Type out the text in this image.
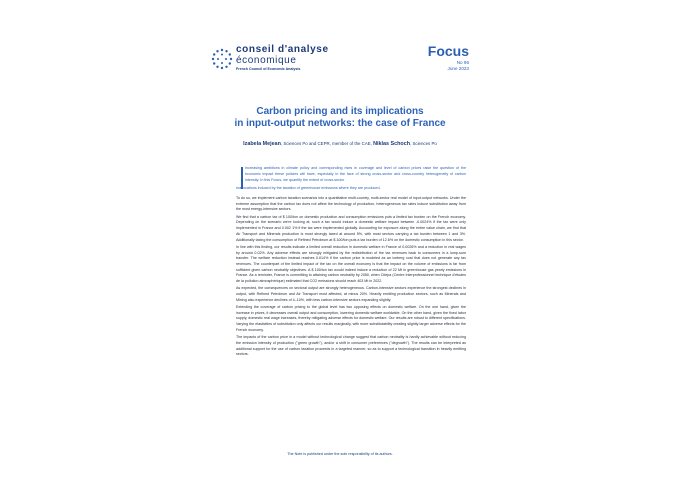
conseil d'analyse
économique
French Council of Economic Analysis
Focus
No 96
June 2023
Carbon pricing and its implications
in input-output networks: the case of France
Izabela Mejean, Sciences Po and CEPR, member of the CAE, Niklas Schoch, Sciences Po
Increasing ambitions in climate policy and corresponding rises in coverage and level of carbon prices raise the question of the economic impact these policies will have, especially in the face of strong cross-sector and cross-country heterogeneity of carbon intensity. In this Focus, we quantify the extent of cross-sector
reallocations induced by the taxation of greenhouse emissions where they are produced.

To do so, we implement carbon taxation scenarios into a quantitative multi-country, multi-sector real model of input-output networks. Under the extreme assumption that the carbon tax does not affect the technology of production, heterogeneous tax rates induce substitution away from the most energy-intensive sectors.

We find that a carbon tax of $ 100/ton on domestic production and consumption emissions puts a limited tax burden on the French economy. Depending on the scenario we're looking at, such a tax would induce a domestic welfare impact between -0.0024% if the tax were only implemented in France and 0.002 1% if the tax were implemented globally. Accounting for exposure along the entire value chain, we find that Air Transport and Minerals production is most strongly taxed at around 5%, with most sectors carrying a tax burden between 1 and 3%. Additionally taxing the consumption of Refined Petroleum at $ 100/ton puts a tax burden of 12.6% on the domestic consumption in this sector.

In line with this finding, our results indicate a limited overall reduction in domestic welfare in France of 0.0026% and a reduction in real wages by around 0.02%. Any adverse effects are strongly mitigated by the redistribution of the tax revenues back to consumers in a lump-sum transfer. The welfare reduction instead reaches 0.014% if the carbon price is modeled as an iceberg cost that does not generate any tax revenues. The counterpart of the limited impact of the tax on the overall economy is that the impact on the volume of emissions is far from sufficient given carbon neutrality objectives. A $ 100/ton tax would indeed induce a reduction of 22 Mt in greenhouse gas yearly emissions in France. As a reminder, France is committing to attaining carbon neutrality by 2050, when Citepa (Centre interprofessionnel technique d'études de la pollution atmosphérique) estimated that CO2 emissions should reach 403 Mt in 2022.

As expected, the consequences on sectoral output are strongly heterogeneous. Carbon-intensive sectors experience the strongest declines in output, with Refined Petroleum and Air Transport most affected, at minus 20%. Heavily emitting production sectors, such as Minerals and Mining also experience declines of 4–10%, with less carbon-intensive sectors expanding slightly.

Extending the coverage of carbon pricing to the global level has two opposing effects on domestic welfare. On the one hand, given the increase in prices, it decreases overall output and consumption, lowering domestic welfare worldwide. On the other hand, given the fixed labor supply, domestic real wage increases, thereby mitigating adverse effects for domestic welfare. Our results are robust to different specifications. Varying the elasticities of substitution only affects our results marginally, with more substitutability creating slightly larger adverse effects for the French economy.

The impacts of the carbon price in a model without technological change suggest that carbon neutrality is hardly achievable without reducing the emission intensity of production ("green growth"), and/or a shift in consumer preferences ("degrowth"). The results can be interpreted as additional support for the use of carbon taxation proceeds in a targeted manner, so as to support a technological transition in heavily emitting sectors.

The Note is published under the sole responsibility of its authors.
